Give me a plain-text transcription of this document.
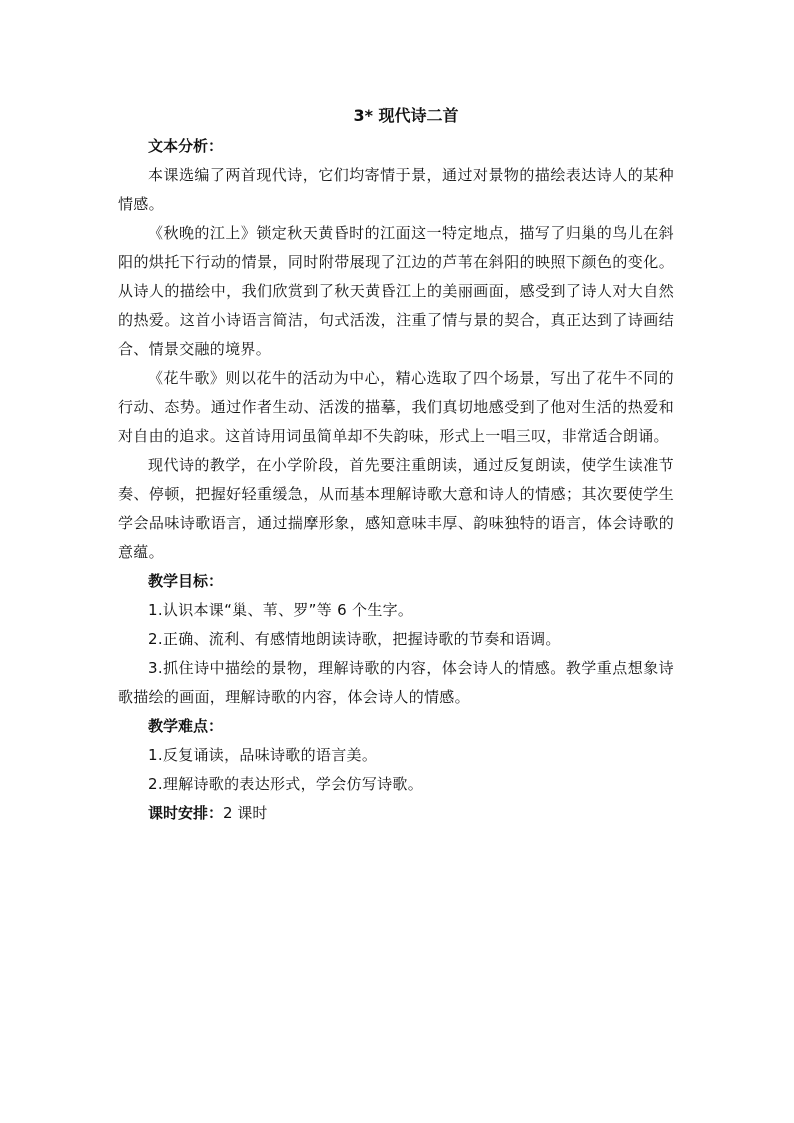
3* 现代诗二首

文本分析：

本课选编了两首现代诗，它们均寄情于景，通过对景物的描绘表达诗人的某种情感。

《秋晚的江上》锁定秋天黄昏时的江面这一特定地点，描写了归巢的鸟儿在斜阳的烘托下行动的情景，同时附带展现了江边的芦苇在斜阳的映照下颜色的变化。从诗人的描绘中，我们欣赏到了秋天黄昏江上的美丽画面，感受到了诗人对大自然的热爱。这首小诗语言简洁，句式活泼，注重了情与景的契合，真正达到了诗画结合、情景交融的境界。

《花牛歌》则以花牛的活动为中心，精心选取了四个场景，写出了花牛不同的行动、态势。通过作者生动、活泼的描摹，我们真切地感受到了他对生活的热爱和对自由的追求。这首诗用词虽简单却不失韵味，形式上一唱三叹，非常适合朗诵。

现代诗的教学，在小学阶段，首先要注重朗读，通过反复朗读，使学生读准节奏、停顿，把握好轻重缓急，从而基本理解诗歌大意和诗人的情感；其次要使学生学会品味诗歌语言，通过揣摩形象，感知意味丰厚、韵味独特的语言，体会诗歌的意蕴。

教学目标：

1.认识本课“巢、苇、罗”等 6 个生字。

2.正确、流利、有感情地朗读诗歌，把握诗歌的节奏和语调。

3.抓住诗中描绘的景物，理解诗歌的内容，体会诗人的情感。教学重点想象诗歌描绘的画面，理解诗歌的内容，体会诗人的情感。

教学难点：

1.反复诵读，品味诗歌的语言美。

2.理解诗歌的表达形式，学会仿写诗歌。

课时安排：2 课时
